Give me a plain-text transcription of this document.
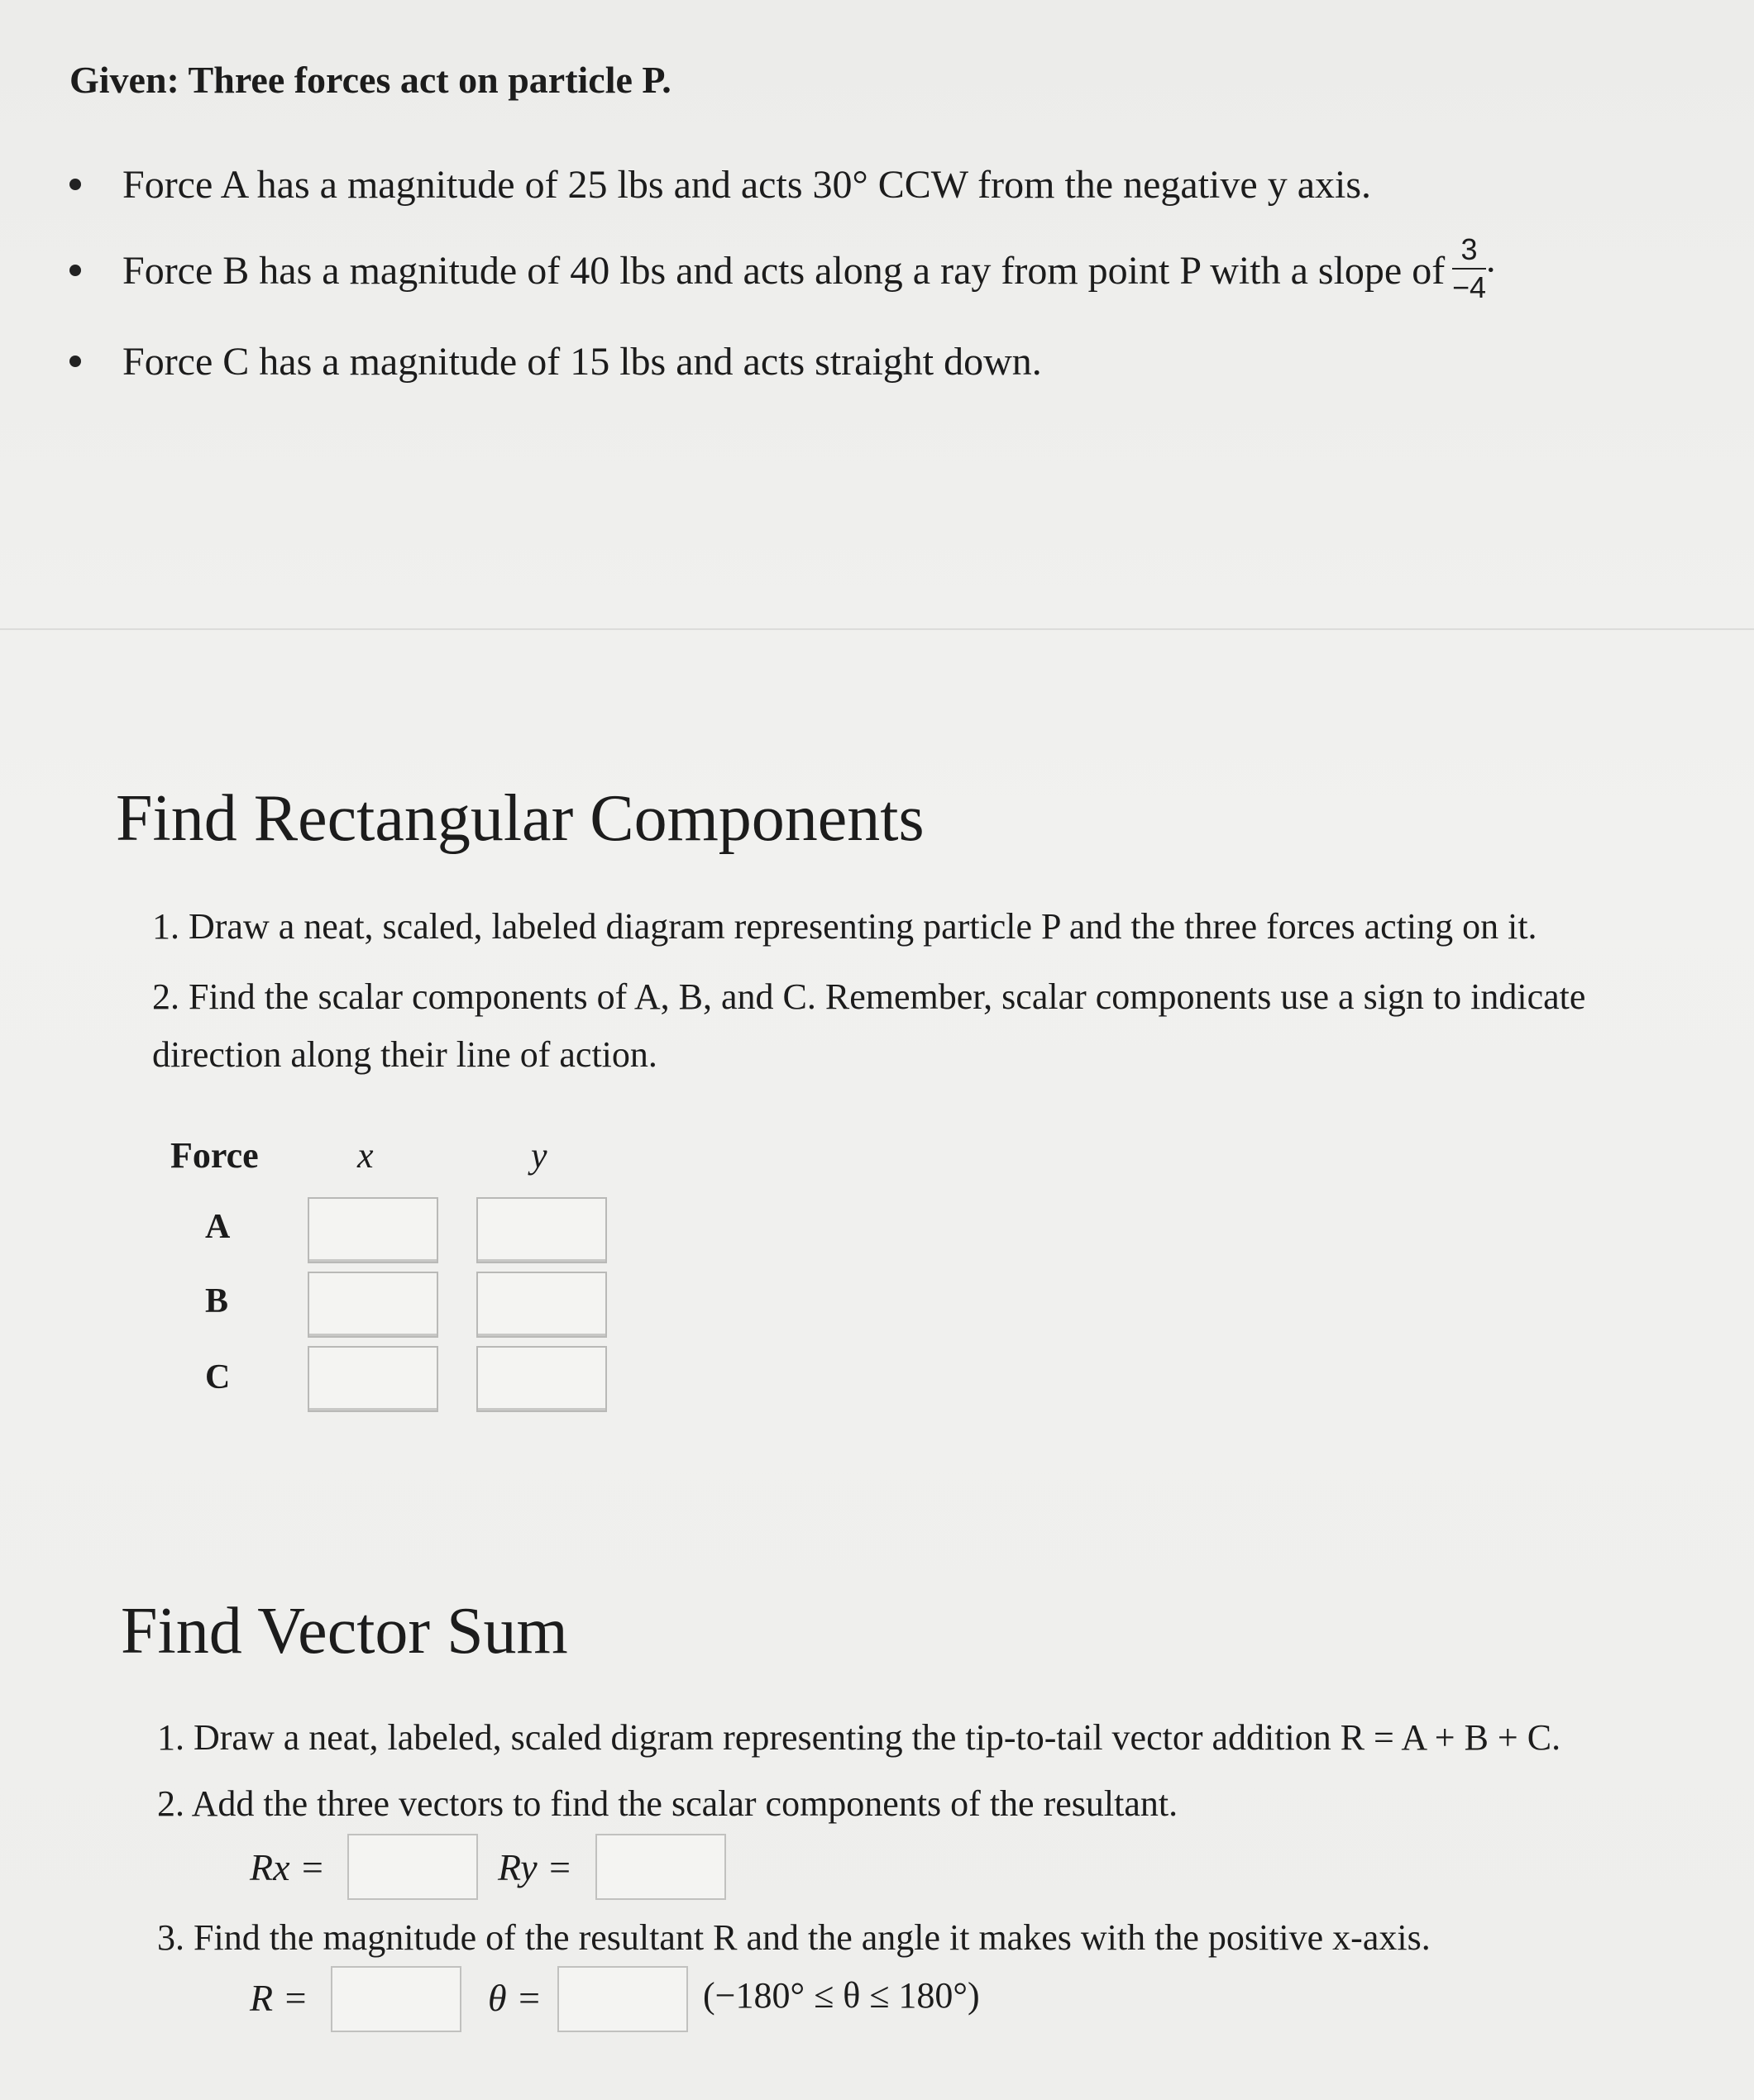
Given: Three forces act on particle P.
Force A has a magnitude of 25 lbs and acts 30° CCW from the negative y axis.
Force B has a magnitude of 40 lbs and acts along a ray from point P with a slope of $\frac{3}{-4}$ .
Force C has a magnitude of 15 lbs and acts straight down.
Find Rectangular Components
1. Draw a neat, scaled, labeled diagram representing particle P and the three forces acting on it.
2. Find the scalar components of A, B, and C. Remember, scalar components use a sign to indicate
direction along their line of action.
Force	x	y
A
B
C
Find Vector Sum
1. Draw a neat, labeled, scaled digram representing the tip-to-tail vector addition R = A + B + C.
2. Add the three vectors to find the scalar components of the resultant.
Rx =	Ry =
3. Find the magnitude of the resultant R and the angle it makes with the positive x-axis.
R =	θ =	(−180° ≤ θ ≤ 180°)
